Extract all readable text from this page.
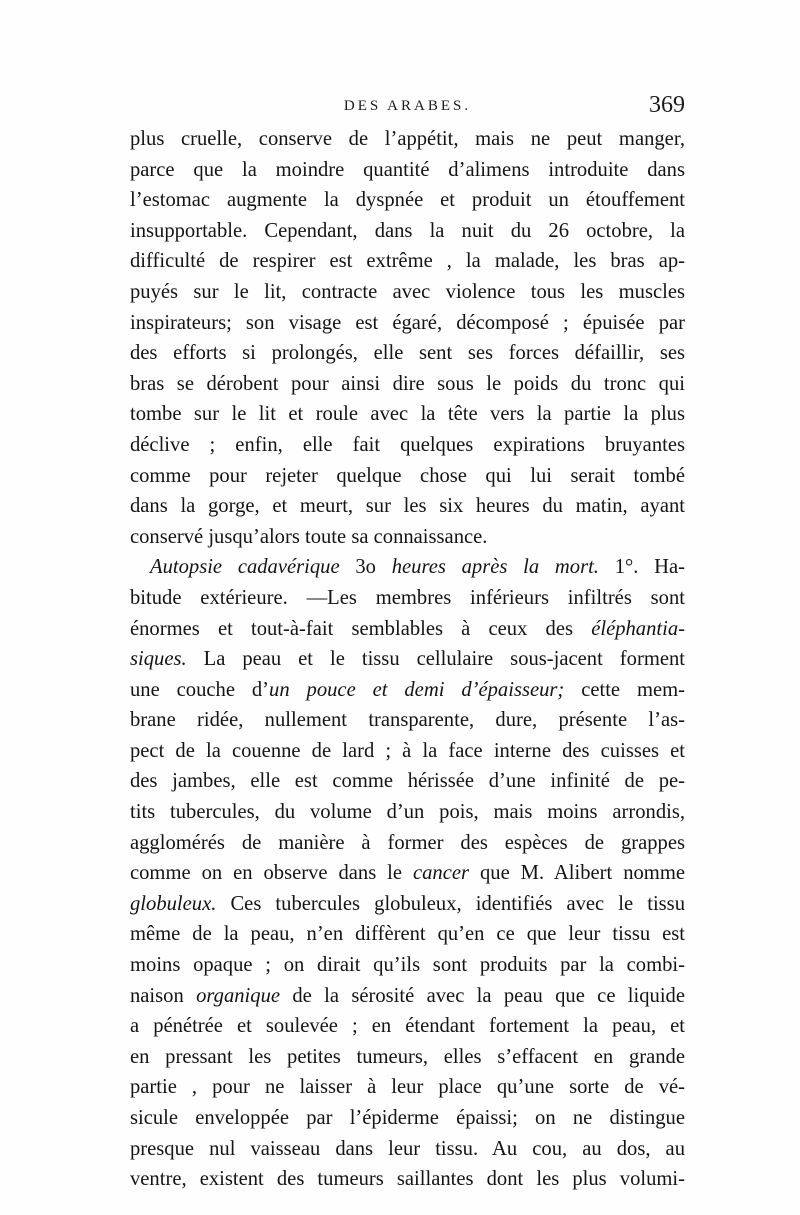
DES ARABES.	369
plus cruelle, conserve de l’appétit, mais ne peut manger,
parce que la moindre quantité d’alimens introduite dans
l’estomac augmente la dyspnée et produit un étouffement
insupportable. Cependant, dans la nuit du 26 octobre, la
difficulté de respirer est extrême , la malade, les bras ap-
puyés sur le lit, contracte avec violence tous les muscles
inspirateurs; son visage est égaré, décomposé ; épuisée par
des efforts si prolongés, elle sent ses forces défaillir, ses
bras se dérobent pour ainsi dire sous le poids du tronc qui
tombe sur le lit et roule avec la tête vers la partie la plus
déclive ; enfin, elle fait quelques expirations bruyantes
comme pour rejeter quelque chose qui lui serait tombé
dans la gorge, et meurt, sur les six heures du matin, ayant
conservé jusqu’alors toute sa connaissance.
Autopsie cadavérique 3o heures après la mort. 1°. Ha-
bitude extérieure. —Les membres inférieurs infiltrés sont
énormes et tout-à-fait semblables à ceux des éléphantia-
siques. La peau et le tissu cellulaire sous-jacent forment
une couche d’un pouce et demi d’épaisseur; cette mem-
brane ridée, nullement transparente, dure, présente l’as-
pect de la couenne de lard ; à la face interne des cuisses et
des jambes, elle est comme hérissée d’une infinité de pe-
tits tubercules, du volume d’un pois, mais moins arrondis,
agglomérés de manière à former des espèces de grappes
comme on en observe dans le cancer que M. Alibert nomme
globuleux. Ces tubercules globuleux, identifiés avec le tissu
même de la peau, n’en diffèrent qu’en ce que leur tissu est
moins opaque ; on dirait qu’ils sont produits par la combi-
naison organique de la sérosité avec la peau que ce liquide
a pénétrée et soulevée ; en étendant fortement la peau, et
en pressant les petites tumeurs, elles s’effacent en grande
partie , pour ne laisser à leur place qu’une sorte de vé-
sicule enveloppée par l’épiderme épaissi; on ne distingue
presque nul vaisseau dans leur tissu. Au cou, au dos, au
ventre, existent des tumeurs saillantes dont les plus volumi-
